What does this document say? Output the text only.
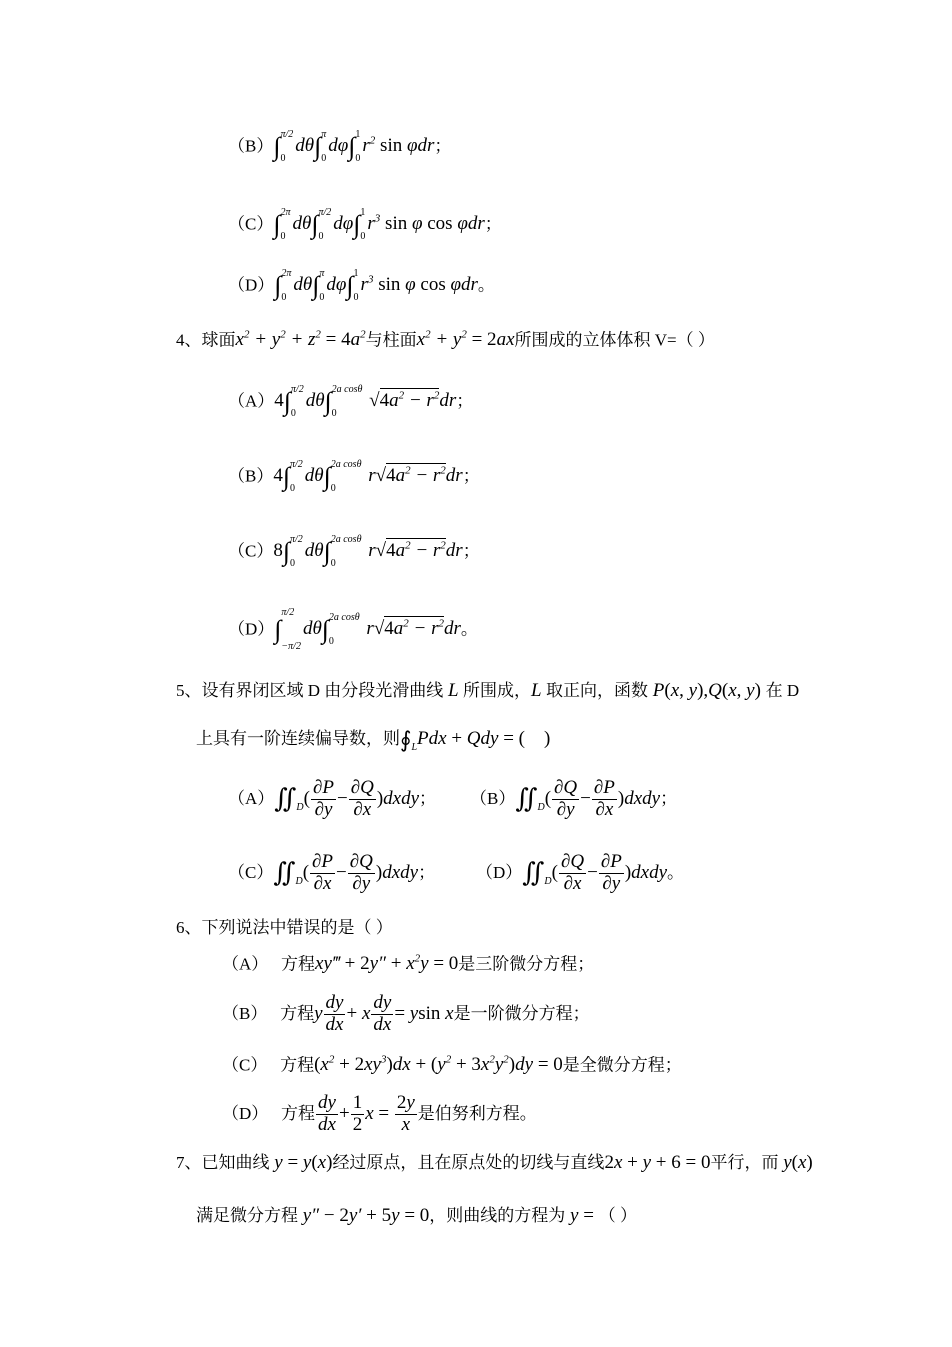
（B）∫ π/2
0
dθ∫ π
0
dφ∫ 1
0
$r^2$ sin φdr；
（C）∫ 2π
0
dθ∫ π/2
0
dφ∫ 1
0
$r^3$ sin φ cos φdr；
（D）∫ 2π
0
dθ∫ π
0
dφ∫ 1
0
$r^3$ sin φ cos φdr。
4、球面$x^2 + y^2 + z^2 = 4a^2$与柱面$x^2 + y^2 = 2ax$所围成的立体体积 V=（ ）
（A）4∫ π/2
0
dθ∫ 2a cosθ
0
$√4a^2 - r^2dr$；
（B）4∫ π/2
0
dθ∫ 2a cosθ
0
$r√4a^2 - r^2dr$；
（C）8∫ π/2
0
dθ∫ 2a cosθ
0
$r√4a^2 - r^2dr$；
（D）∫
π/2
−π/2
dθ∫ 2a cosθ
0
$r√4a^2 - r^2dr$。
5、设有界闭区域 D 由分段光滑曲线 L 所围成，L 取正向，函数 P(x, y),Q(x, y) 在 D
上具有一阶连续偏导数，则$∮_LPdx$ + Qdy = (    )
$(A)∬_D( \frac{\partial P}{\partial y} - \frac{\partial Q}{\partial x}$ )dxdy； $(B)∬_D( \frac{\partial Q}{\partial y} - \frac{\partial P}{\partial x}$ )dxdy；
$(C)∬_D( \frac{\partial P}{\partial x} - \frac{\partial Q}{\partial y}$ )dxdy； $(D)∬_D( \frac{\partial Q}{\partial x} - \frac{\partial P}{\partial y}$ )dxdy。
6、下列说法中错误的是（ ）
（A） 方程xy‴ + $2y'' + x^2y = 0$是三阶微分方程；
（B） 方程y $\frac{dy}{dx} + x \frac{dy}{dx} = ysin$ x是一阶微分方程；
（C） 方程$(x^2 + 2xy^3)dx + (y^2 + 3x^2y^2)dy = 0$是全微分方程；
（D） 方程 $\frac{dy}{dx} + \frac{1}{2}$ $x = \frac{2y}{x}$ 是伯努利方程。
7、已知曲线 y = y(x)经过原点，且在原点处的切线与直线2x + y + 6 = 0平行，而 y(x)
满足微分方程 y″ − 2y′ + 5y = 0，则曲线的方程为 y = （ ）
